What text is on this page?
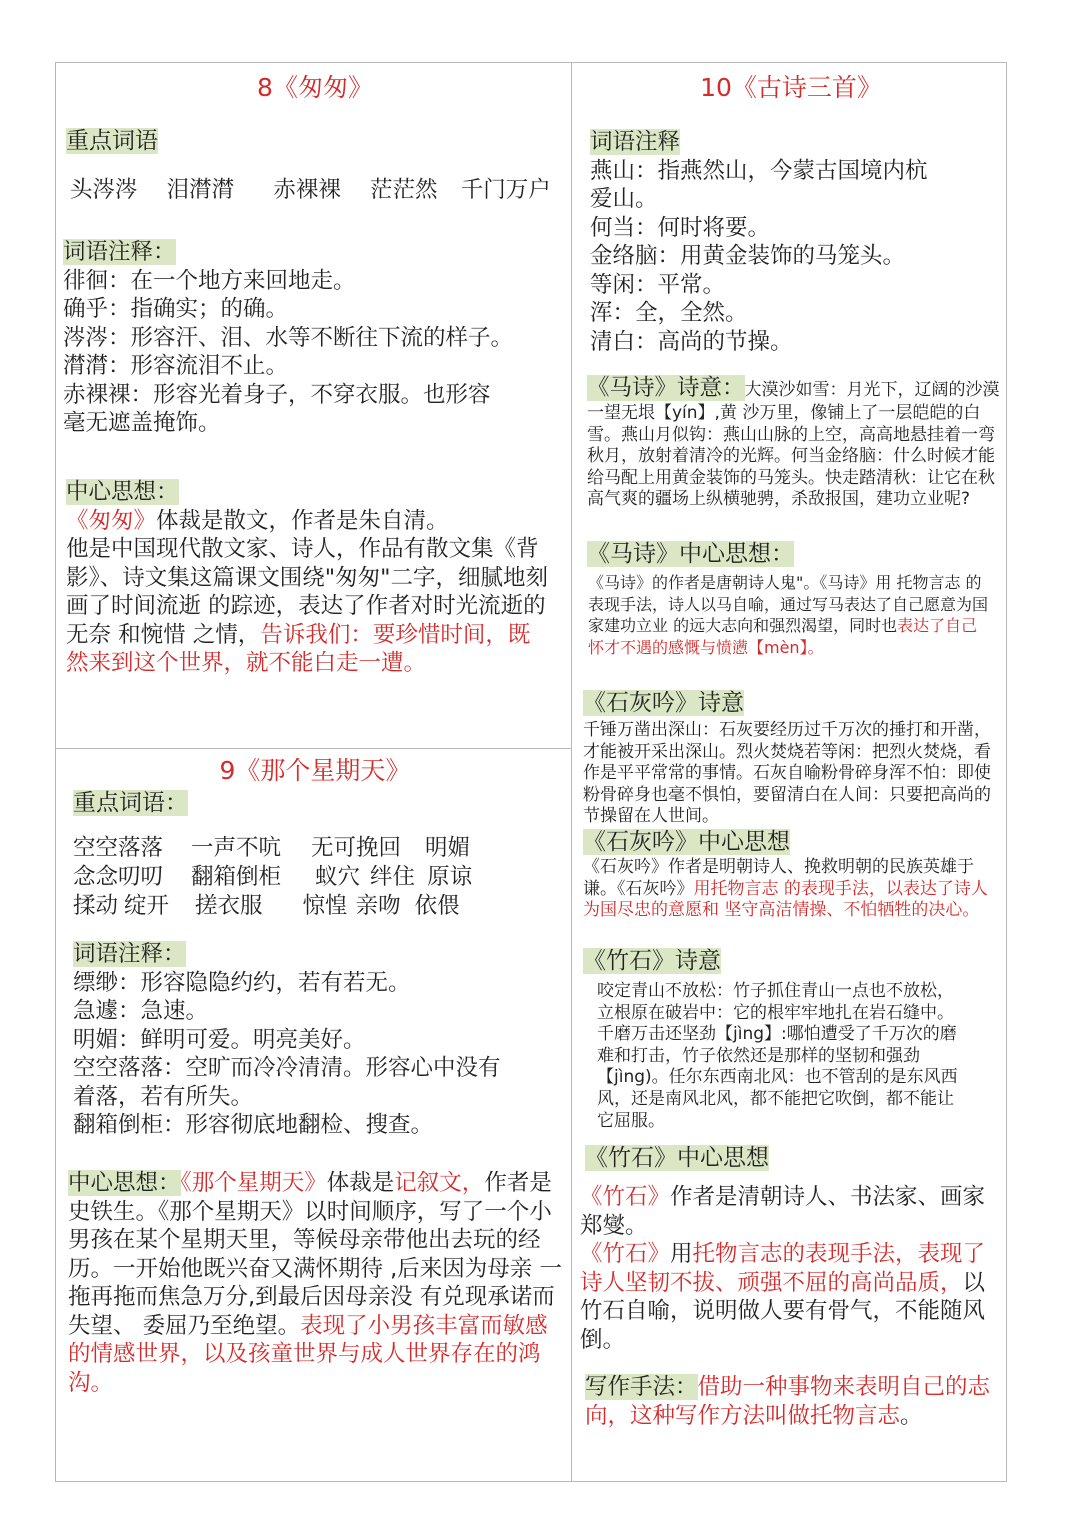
8《匆匆》
重点词语
头涔涔 泪潸潸 赤裸裸 茫茫然 千门万户

词语注释：

徘徊：在一个地方来回地走。

确乎：指确实；的确。

涔涔：形容汗、泪、水等不断往下流的样子。

潸潸：形容流泪不止。

赤裸裸：形容光着身子，不穿衣服。也形容

毫无遮盖掩饰。

中心思想：

《匆匆》体裁是散文，作者是朱自清。

他是中国现代散文家、诗人，作品有散文集《背影》、诗文集这篇课文围绕"匆匆"二字，细腻地刻画了时间流逝 的踪迹，表达了作者对时光流逝的 无奈 和惋惜 之情，告诉我们：要珍惜时间，既然来到这个世界，就不能白走一遭。

9《那个星期天》
重点词语：

空空落落 一声不吭 无可挽回 明媚

念念叨叨 翻箱倒柜 蚁穴 绊住 原谅

揉动 绽开 搓衣服 惊惶 亲吻 依偎

词语注释：

缥缈：形容隐隐约约，若有若无。

急遽：急速。

明媚：鲜明可爱。明亮美好。

空空落落：空旷而冷冷清清。形容心中没有

着落，若有所失。

翻箱倒柜：形容彻底地翻检、搜查。

中心思想：《那个星期天》体裁是记叙文，作者是史铁生。《那个星期天》以时间顺序，写了一个小男孩在某个星期天里，等候母亲带他出去玩的经历。一开始他既兴奋又满怀期待 ,后来因为母亲 一 拖再拖而焦急万分,到最后因母亲没 有兑现承诺而失望、 委屈乃至绝望。表现了小男孩丰富而敏感的情感世界，以及孩童世界与成人世界存在的鸿沟。

10《古诗三首》

词语注释

燕山：指燕然山，今蒙古国境内杭

爱山。

何当：何时将要。

金络脑：用黄金装饰的马笼头。

等闲：平常。

浑：全，全然。

清白：高尚的节操。

《马诗》诗意：大漠沙如雪：月光下，辽阔的沙漠一望无垠【yín】,黄 沙万里，像铺上了一层皑皑的白雪。燕山月似钩：燕山山脉的上空，高高地悬挂着一弯秋月，放射着清冷的光辉。何当金络脑：什么时候才能给马配上用黄金装饰的马笼头。快走踏清秋：让它在秋高气爽的疆场上纵横驰骋，杀敌报国，建功立业呢?
《马诗》中心思想：
《马诗》的作者是唐朝诗人鬼"。《马诗》用 托物言志 的表现手法，诗人以马自喻，通过写马表达了自己愿意为国家建功立业 的远大志向和强烈渴望，同时也表达了自己 怀才不遇的感慨与愤懑【mèn】。
《石灰吟》诗意
千锤万凿出深山：石灰要经历过千万次的捶打和开凿，才能被开采出深山。烈火焚烧若等闲：把烈火焚烧，看作是平平常常的事情。石灰自喻粉骨碎身浑不怕：即使粉骨碎身也毫不惧怕，要留清白在人间：只要把高尚的节操留在人世间。
《石灰吟》中心思想
《石灰吟》作者是明朝诗人、挽救明朝的民族英雄于谦。《石灰吟》用托物言志 的表现手法，以表达了诗人为国尽忠的意愿和 坚守高洁情操、不怕牺牲的决心。
《竹石》诗意
咬定青山不放松：竹子抓住青山一点也不放松，立根原在破岩中：它的根牢牢地扎在岩石缝中。千磨万击还坚劲【jìng】:哪怕遭受了千万次的磨难和打击，竹子依然还是那样的坚韧和强劲【jìng)。任尔东西南北风：也不管刮的是东风西风，还是南风北风，都不能把它吹倒，都不能让它屈服。
《竹石》中心思想

《竹石》作者是清朝诗人、书法家、画家郑燮。

《竹石》用托物言志的表现手法，表现了诗人坚韧不拔、顽强不屈的高尚品质，以竹石自喻，说明做人要有骨气，不能随风倒。

写作手法：借助一种事物来表明自己的志向，这种写作方法叫做托物言志。
